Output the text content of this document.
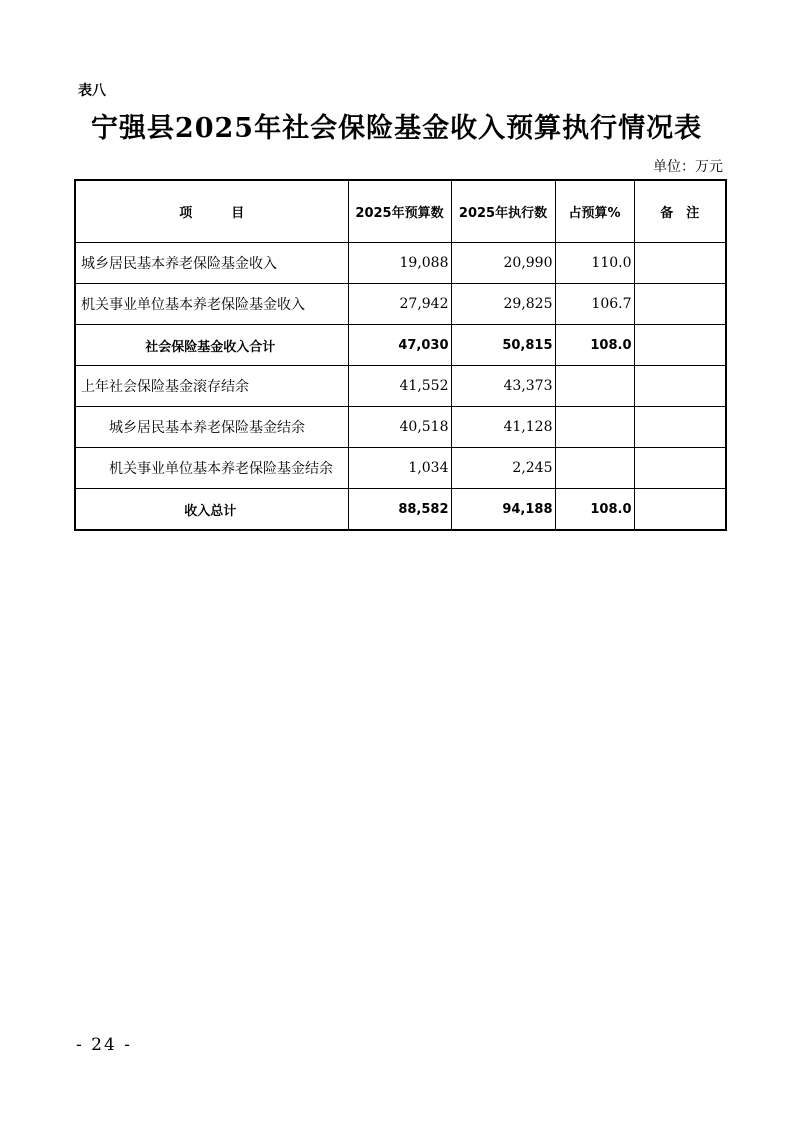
表八
宁强县2025年社会保险基金收入预算执行情况表
单位：万元
项　　　目	2025年预算数	2025年执行数	占预算%	备　注
城乡居民基本养老保险基金收入	19,088	20,990	110.0	
机关事业单位基本养老保险基金收入	27,942	29,825	106.7	
社会保险基金收入合计	47,030	50,815	108.0	
上年社会保险基金滚存结余	41,552	43,373		
城乡居民基本养老保险基金结余	40,518	41,128		
机关事业单位基本养老保险基金结余	1,034	2,245		
收入总计	88,582	94,188	108.0	
- 24 -
